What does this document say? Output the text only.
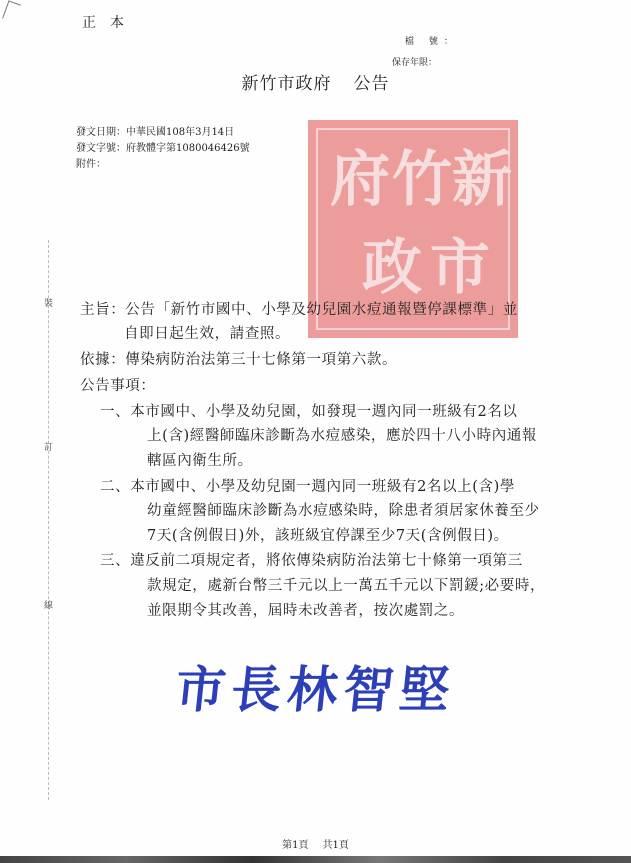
正本
檔 號：
保存年限：
新竹市政府 公告
發文日期：中華民國108年3月14日
發文字號：府教體字第1080046426號
附件：	府 竹 新
政 市
裝
訂
線
主旨：公告「新竹市國中、小學及幼兒園水痘通報暨停課標準」並
自即日起生效，請查照。
依據：傳染病防治法第三十七條第一項第六款。
公告事項：
一、本市國中、小學及幼兒園，如發現一週內同一班級有2名以
上(含)經醫師臨床診斷為水痘感染，應於四十八小時內通報
轄區內衛生所。
二、本市國中、小學及幼兒園一週內同一班級有2名以上(含)學
幼童經醫師臨床診斷為水痘感染時，除患者須居家休養至少
7天(含例假日)外，該班級宜停課至少7天(含例假日)。
三、違反前二項規定者，將依傳染病防治法第七十條第一項第三
款規定，處新台幣三千元以上一萬五千元以下罰鍰;必要時，
並限期令其改善，屆時未改善者，按次處罰之。
市長林智堅
第1頁 共1頁
